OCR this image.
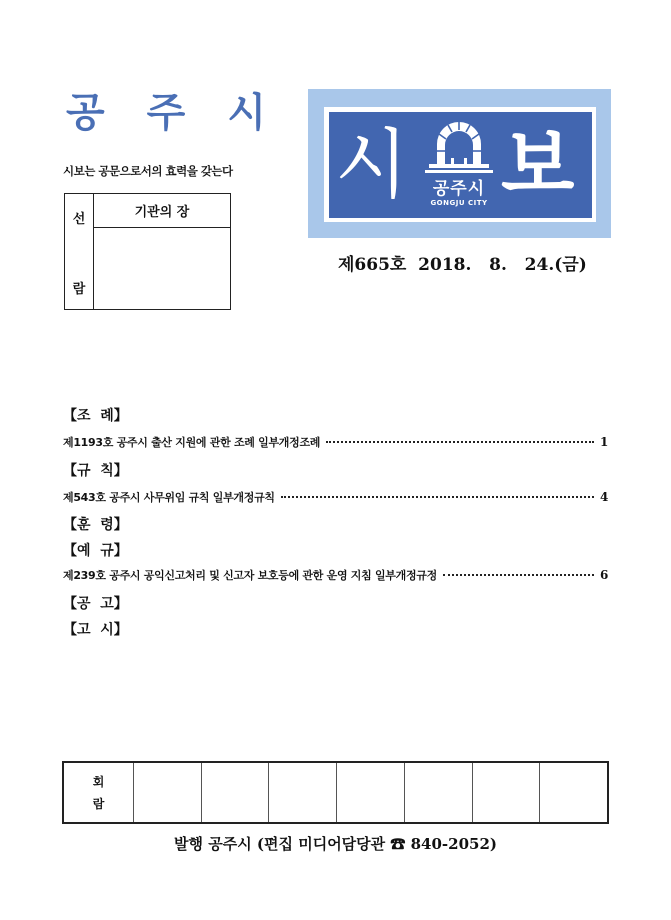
공 주 시
시보는 공문으로서의 효력을 갖는다
선
람
기관의 장
시	공주시
GONGJU CITY 보
제665호  2018.   8.   24.(금)
【조  례】
제1193호 공주시 출산 지원에 관한 조례 일부개정조례	1
【규  칙】
제543호 공주시 사무위임 규칙 일부개정규칙	4
【훈  령】
【예  규】
제239호 공주시 공익신고처리 및 신고자 보호등에 관한 운영 지침 일부개정규정	6
【공  고】
【고  시】
회
람
발행 공주시 (편집 미디어담당관 ☎ 840-2052)
